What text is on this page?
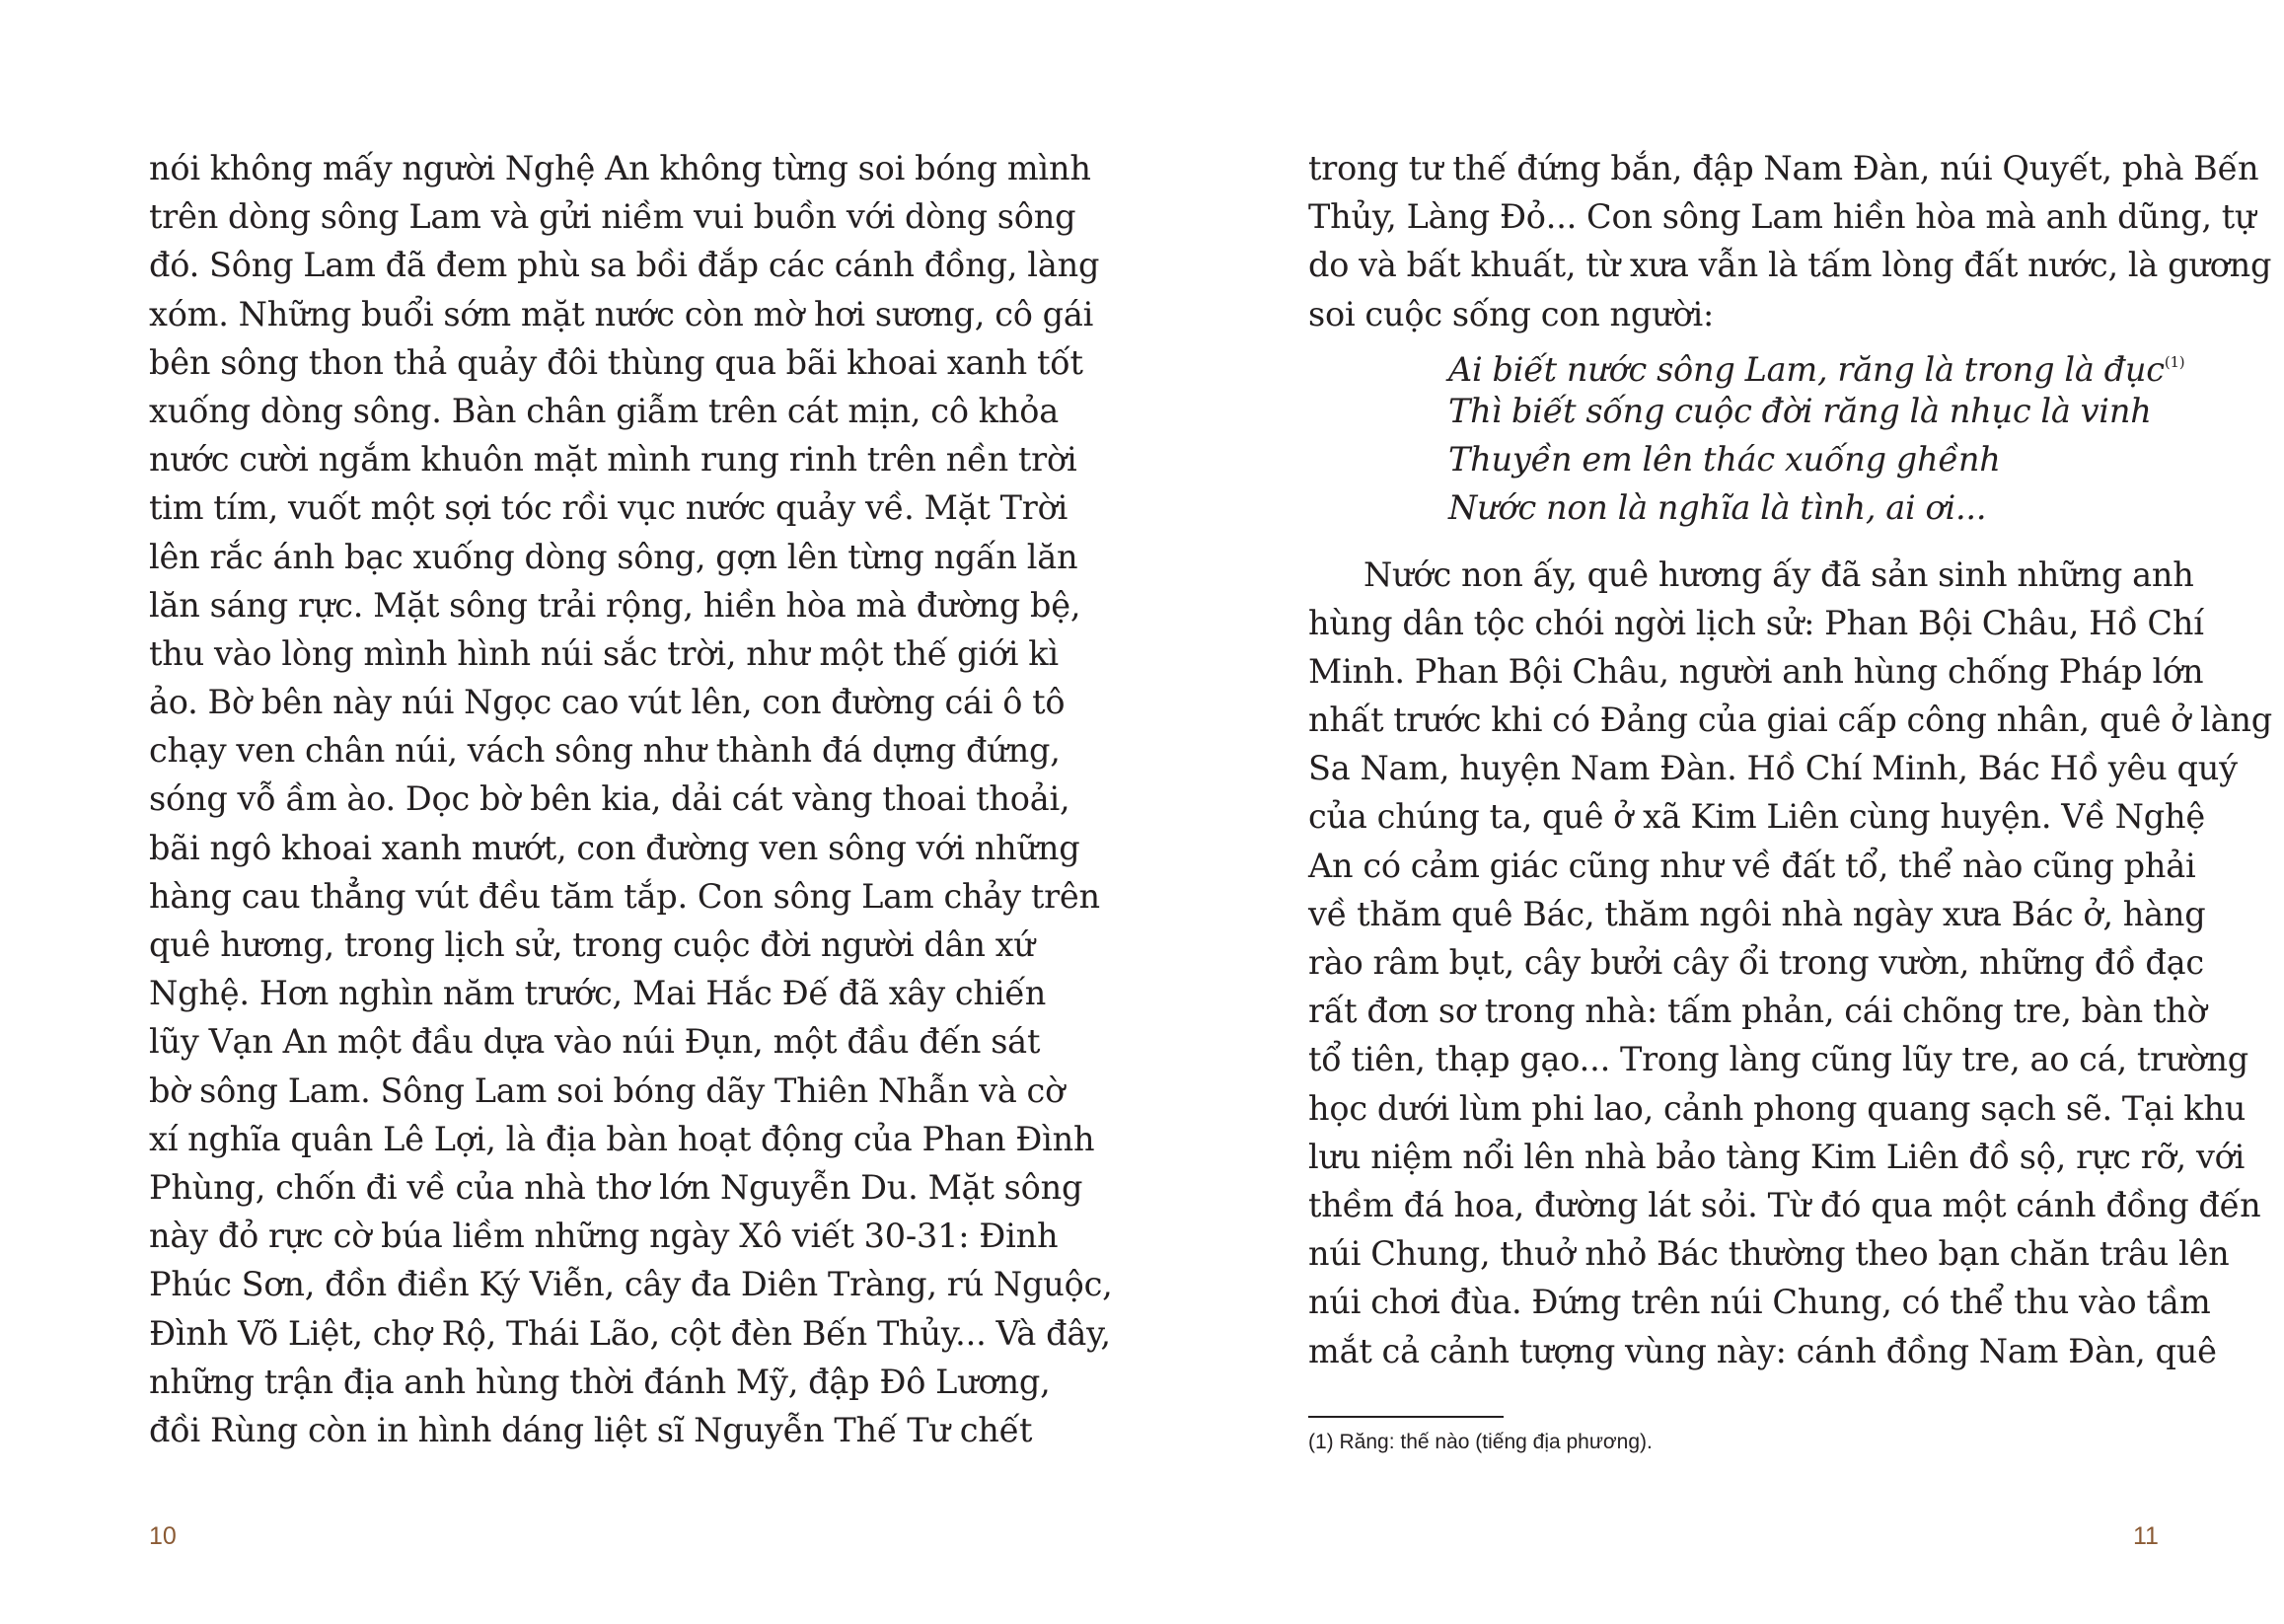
nói không mấy người Nghệ An không từng soi bóng mình
trên dòng sông Lam và gửi niềm vui buồn với dòng sông
đó. Sông Lam đã đem phù sa bồi đắp các cánh đồng, làng
xóm. Những buổi sớm mặt nước còn mờ hơi sương, cô gái
bên sông thon thả quảy đôi thùng qua bãi khoai xanh tốt
xuống dòng sông. Bàn chân giẫm trên cát mịn, cô khỏa
nước cười ngắm khuôn mặt mình rung rinh trên nền trời
tim tím, vuốt một sợi tóc rồi vục nước quảy về. Mặt Trời
lên rắc ánh bạc xuống dòng sông, gợn lên từng ngấn lăn
lăn sáng rực. Mặt sông trải rộng, hiền hòa mà đường bệ,
thu vào lòng mình hình núi sắc trời, như một thế giới kì
ảo. Bờ bên này núi Ngọc cao vút lên, con đường cái ô tô
chạy ven chân núi, vách sông như thành đá dựng đứng,
sóng vỗ ầm ào. Dọc bờ bên kia, dải cát vàng thoai thoải,
bãi ngô khoai xanh mướt, con đường ven sông với những
hàng cau thẳng vút đều tăm tắp. Con sông Lam chảy trên
quê hương, trong lịch sử, trong cuộc đời người dân xứ
Nghệ. Hơn nghìn năm trước, Mai Hắc Đế đã xây chiến
lũy Vạn An một đầu dựa vào núi Đụn, một đầu đến sát
bờ sông Lam. Sông Lam soi bóng dãy Thiên Nhẫn và cờ
xí nghĩa quân Lê Lợi, là địa bàn hoạt động của Phan Đình
Phùng, chốn đi về của nhà thơ lớn Nguyễn Du. Mặt sông
này đỏ rực cờ búa liềm những ngày Xô viết 30-31: Đinh
Phúc Sơn, đồn điền Ký Viễn, cây đa Diên Tràng, rú Nguộc,
Đình Võ Liệt, chợ Rộ, Thái Lão, cột đèn Bến Thủy... Và đây,
những trận địa anh hùng thời đánh Mỹ, đập Đô Lương,
đồi Rùng còn in hình dáng liệt sĩ Nguyễn Thế Tư chết
10
trong tư thế đứng bắn, đập Nam Đàn, núi Quyết, phà Bến
Thủy, Làng Đỏ... Con sông Lam hiền hòa mà anh dũng, tự
do và bất khuất, từ xưa vẫn là tấm lòng đất nước, là gương
soi cuộc sống con người:
Ai biết nước sông Lam, răng là trong là đục$^{(1)}$
Thì biết sống cuộc đời răng là nhục là vinh
Thuyền em lên thác xuống ghềnh
Nước non là nghĩa là tình, ai ơi...
Nước non ấy, quê hương ấy đã sản sinh những anh
hùng dân tộc chói ngời lịch sử: Phan Bội Châu, Hồ Chí
Minh. Phan Bội Châu, người anh hùng chống Pháp lớn
nhất trước khi có Đảng của giai cấp công nhân, quê ở làng
Sa Nam, huyện Nam Đàn. Hồ Chí Minh, Bác Hồ yêu quý
của chúng ta, quê ở xã Kim Liên cùng huyện. Về Nghệ
An có cảm giác cũng như về đất tổ, thể nào cũng phải
về thăm quê Bác, thăm ngôi nhà ngày xưa Bác ở, hàng
rào râm bụt, cây bưởi cây ổi trong vườn, những đồ đạc
rất đơn sơ trong nhà: tấm phản, cái chõng tre, bàn thờ
tổ tiên, thạp gạo... Trong làng cũng lũy tre, ao cá, trường
học dưới lùm phi lao, cảnh phong quang sạch sẽ. Tại khu
lưu niệm nổi lên nhà bảo tàng Kim Liên đồ sộ, rực rỡ, với
thềm đá hoa, đường lát sỏi. Từ đó qua một cánh đồng đến
núi Chung, thuở nhỏ Bác thường theo bạn chăn trâu lên
núi chơi đùa. Đứng trên núi Chung, có thể thu vào tầm
mắt cả cảnh tượng vùng này: cánh đồng Nam Đàn, quê
(1) Răng: thế nào (tiếng địa phương).
11
